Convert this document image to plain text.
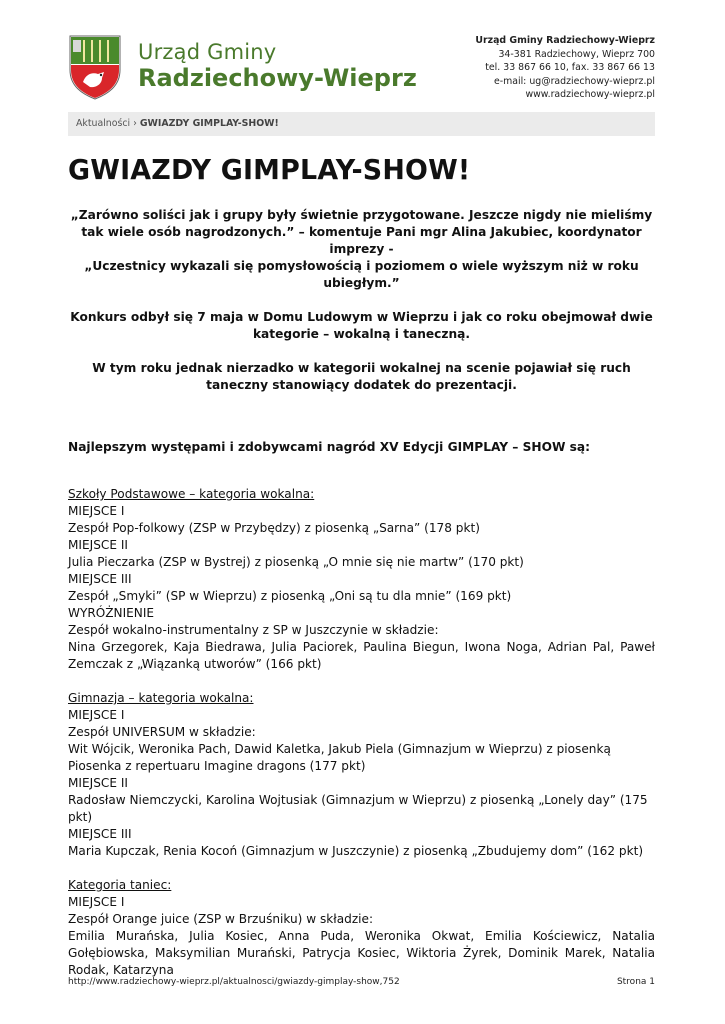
Urząd Gminy
Radziechowy-Wieprz
Urząd Gminy Radziechowy-Wieprz
34-381 Radziechowy, Wieprz 700
tel. 33 867 66 10, fax. 33 867 66 13
e-mail: ug@radziechowy-wieprz.pl
www.radziechowy-wieprz.pl
Aktualności › GWIAZDY GIMPLAY-SHOW!
GWIAZDY GIMPLAY-SHOW!

„Zarówno soliści jak i grupy były świetnie przygotowane. Jeszcze nigdy nie mieliśmy tak wiele osób nagrodzonych.” – komentuje Pani mgr Alina Jakubiec, koordynator imprezy -

„Uczestnicy wykazali się pomysłowością i poziomem o wiele wyższym niż w roku ubiegłym.”

Konkurs odbył się 7 maja w Domu Ludowym w Wieprzu i jak co roku obejmował dwie kategorie – wokalną i taneczną.

W tym roku jednak nierzadko w kategorii wokalnej na scenie pojawiał się ruch taneczny stanowiący dodatek do prezentacji.

Najlepszym występami i zdobywcami nagród XV Edycji GIMPLAY – SHOW są:

Szkoły Podstawowe – kategoria wokalna:

MIEJSCE I

Zespół Pop-folkowy (ZSP w Przybędzy) z piosenką „Sarna” (178 pkt)

MIEJSCE II

Julia Pieczarka (ZSP w Bystrej) z piosenką „O mnie się nie martw” (170 pkt)

MIEJSCE III

Zespół „Smyki” (SP w Wieprzu) z piosenką „Oni są tu dla mnie” (169 pkt)

WYRÓŻNIENIE

Zespół wokalno-instrumentalny z SP w Juszczynie w składzie:

Nina Grzegorek, Kaja Biedrawa, Julia Paciorek, Paulina Biegun, Iwona Noga, Adrian Pal, Paweł Zemczak z „Wiązanką utworów” (166 pkt)

Gimnazja – kategoria wokalna:

MIEJSCE I

Zespół UNIVERSUM w składzie:

Wit Wójcik, Weronika Pach, Dawid Kaletka, Jakub Piela (Gimnazjum w Wieprzu) z piosenką Piosenka z repertuaru Imagine dragons (177 pkt)

MIEJSCE II

Radosław Niemczycki, Karolina Wojtusiak (Gimnazjum w Wieprzu) z piosenką „Lonely day” (175 pkt)

MIEJSCE III

Maria Kupczak, Renia Kocoń (Gimnazjum w Juszczynie) z piosenką „Zbudujemy dom” (162 pkt)

Kategoria taniec:

MIEJSCE I

Zespół Orange juice (ZSP w Brzuśniku) w składzie:

Emilia Murańska, Julia Kosiec, Anna Puda, Weronika Okwat, Emilia Kościewicz, Natalia Gołębiowska, Maksymilian Murański, Patrycja Kosiec, Wiktoria Żyrek, Dominik Marek, Natalia Rodak, Katarzyna

http://www.radziechowy-wieprz.pl/aktualnosci/gwiazdy-gimplay-show,752	Strona 1
